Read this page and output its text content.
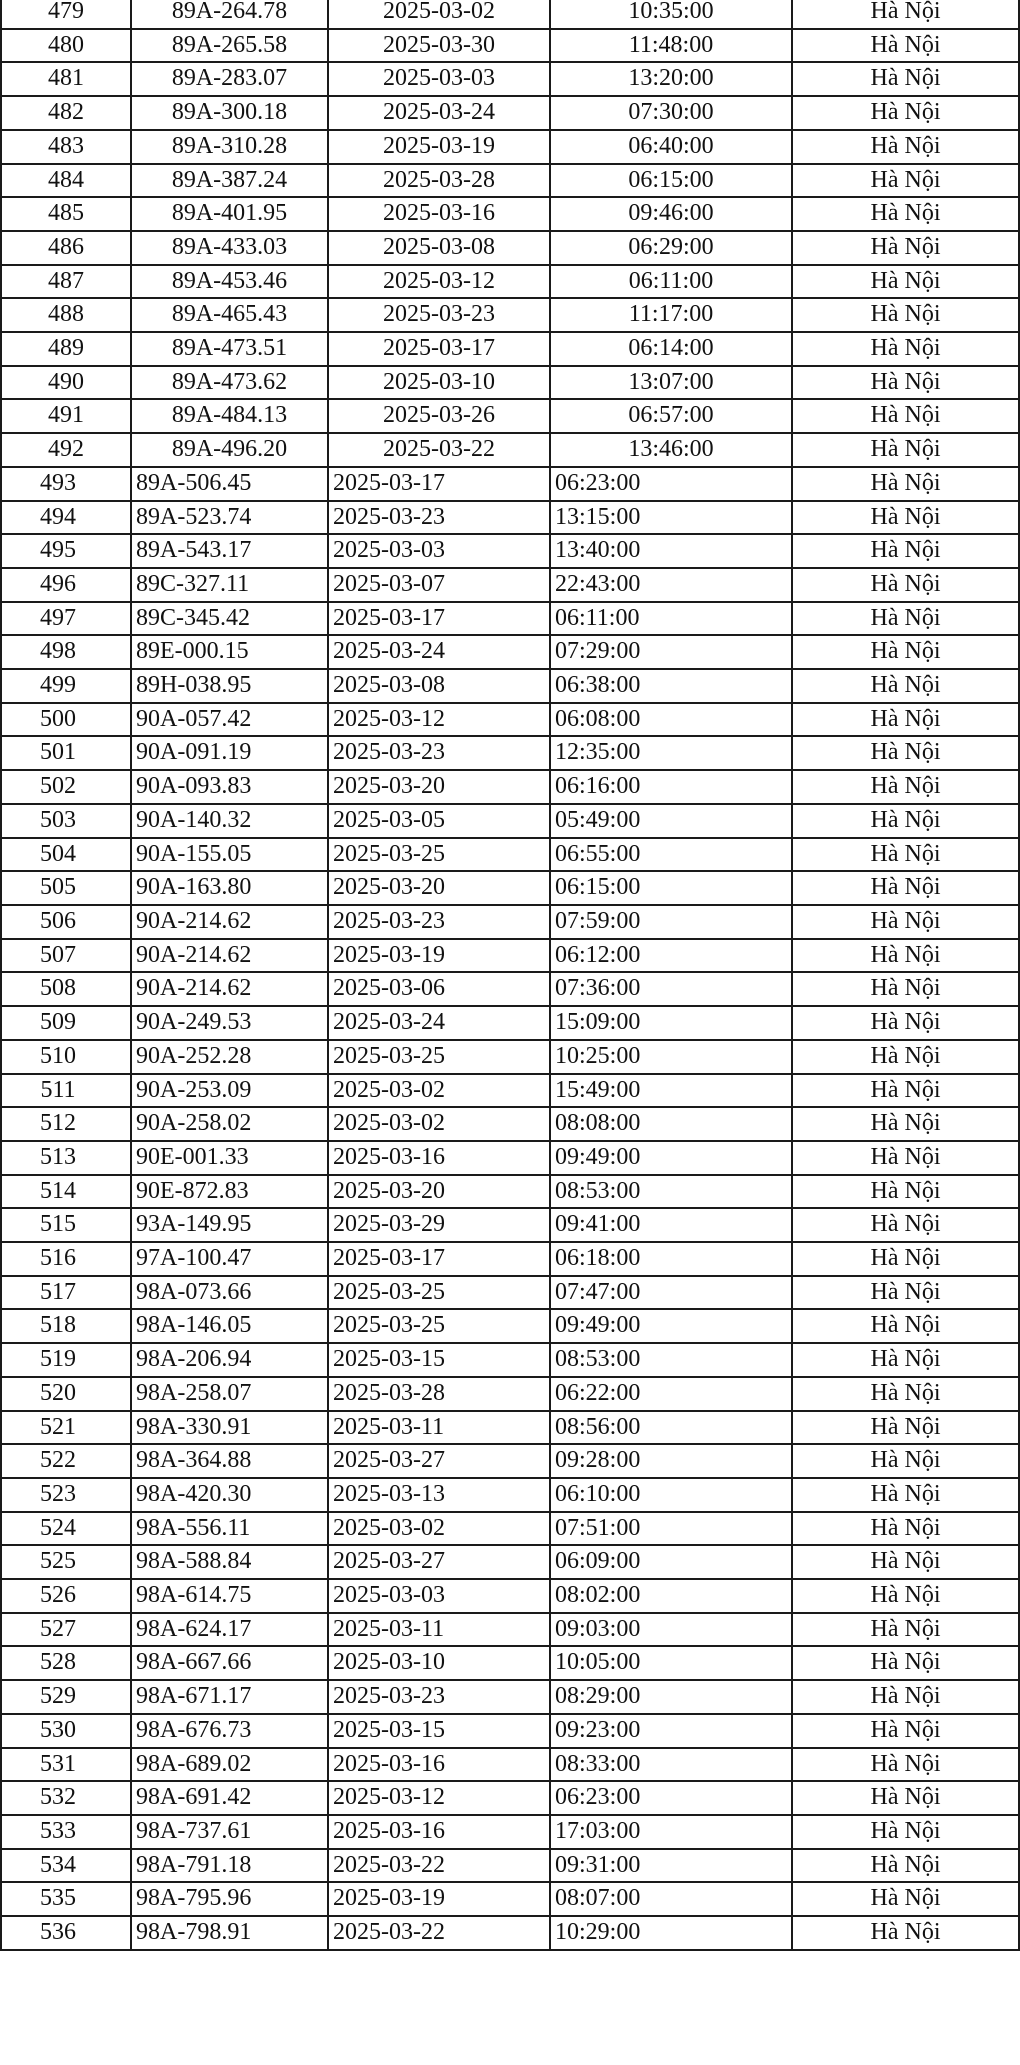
479	89A-264.78	2025-03-02	10:35:00	Hà Nội
480	89A-265.58	2025-03-30	11:48:00	Hà Nội
481	89A-283.07	2025-03-03	13:20:00	Hà Nội
482	89A-300.18	2025-03-24	07:30:00	Hà Nội
483	89A-310.28	2025-03-19	06:40:00	Hà Nội
484	89A-387.24	2025-03-28	06:15:00	Hà Nội
485	89A-401.95	2025-03-16	09:46:00	Hà Nội
486	89A-433.03	2025-03-08	06:29:00	Hà Nội
487	89A-453.46	2025-03-12	06:11:00	Hà Nội
488	89A-465.43	2025-03-23	11:17:00	Hà Nội
489	89A-473.51	2025-03-17	06:14:00	Hà Nội
490	89A-473.62	2025-03-10	13:07:00	Hà Nội
491	89A-484.13	2025-03-26	06:57:00	Hà Nội
492	89A-496.20	2025-03-22	13:46:00	Hà Nội
493	89A-506.45	2025-03-17	06:23:00	Hà Nội
494	89A-523.74	2025-03-23	13:15:00	Hà Nội
495	89A-543.17	2025-03-03	13:40:00	Hà Nội
496	89C-327.11	2025-03-07	22:43:00	Hà Nội
497	89C-345.42	2025-03-17	06:11:00	Hà Nội
498	89E-000.15	2025-03-24	07:29:00	Hà Nội
499	89H-038.95	2025-03-08	06:38:00	Hà Nội
500	90A-057.42	2025-03-12	06:08:00	Hà Nội
501	90A-091.19	2025-03-23	12:35:00	Hà Nội
502	90A-093.83	2025-03-20	06:16:00	Hà Nội
503	90A-140.32	2025-03-05	05:49:00	Hà Nội
504	90A-155.05	2025-03-25	06:55:00	Hà Nội
505	90A-163.80	2025-03-20	06:15:00	Hà Nội
506	90A-214.62	2025-03-23	07:59:00	Hà Nội
507	90A-214.62	2025-03-19	06:12:00	Hà Nội
508	90A-214.62	2025-03-06	07:36:00	Hà Nội
509	90A-249.53	2025-03-24	15:09:00	Hà Nội
510	90A-252.28	2025-03-25	10:25:00	Hà Nội
511	90A-253.09	2025-03-02	15:49:00	Hà Nội
512	90A-258.02	2025-03-02	08:08:00	Hà Nội
513	90E-001.33	2025-03-16	09:49:00	Hà Nội
514	90E-872.83	2025-03-20	08:53:00	Hà Nội
515	93A-149.95	2025-03-29	09:41:00	Hà Nội
516	97A-100.47	2025-03-17	06:18:00	Hà Nội
517	98A-073.66	2025-03-25	07:47:00	Hà Nội
518	98A-146.05	2025-03-25	09:49:00	Hà Nội
519	98A-206.94	2025-03-15	08:53:00	Hà Nội
520	98A-258.07	2025-03-28	06:22:00	Hà Nội
521	98A-330.91	2025-03-11	08:56:00	Hà Nội
522	98A-364.88	2025-03-27	09:28:00	Hà Nội
523	98A-420.30	2025-03-13	06:10:00	Hà Nội
524	98A-556.11	2025-03-02	07:51:00	Hà Nội
525	98A-588.84	2025-03-27	06:09:00	Hà Nội
526	98A-614.75	2025-03-03	08:02:00	Hà Nội
527	98A-624.17	2025-03-11	09:03:00	Hà Nội
528	98A-667.66	2025-03-10	10:05:00	Hà Nội
529	98A-671.17	2025-03-23	08:29:00	Hà Nội
530	98A-676.73	2025-03-15	09:23:00	Hà Nội
531	98A-689.02	2025-03-16	08:33:00	Hà Nội
532	98A-691.42	2025-03-12	06:23:00	Hà Nội
533	98A-737.61	2025-03-16	17:03:00	Hà Nội
534	98A-791.18	2025-03-22	09:31:00	Hà Nội
535	98A-795.96	2025-03-19	08:07:00	Hà Nội
536	98A-798.91	2025-03-22	10:29:00	Hà Nội
